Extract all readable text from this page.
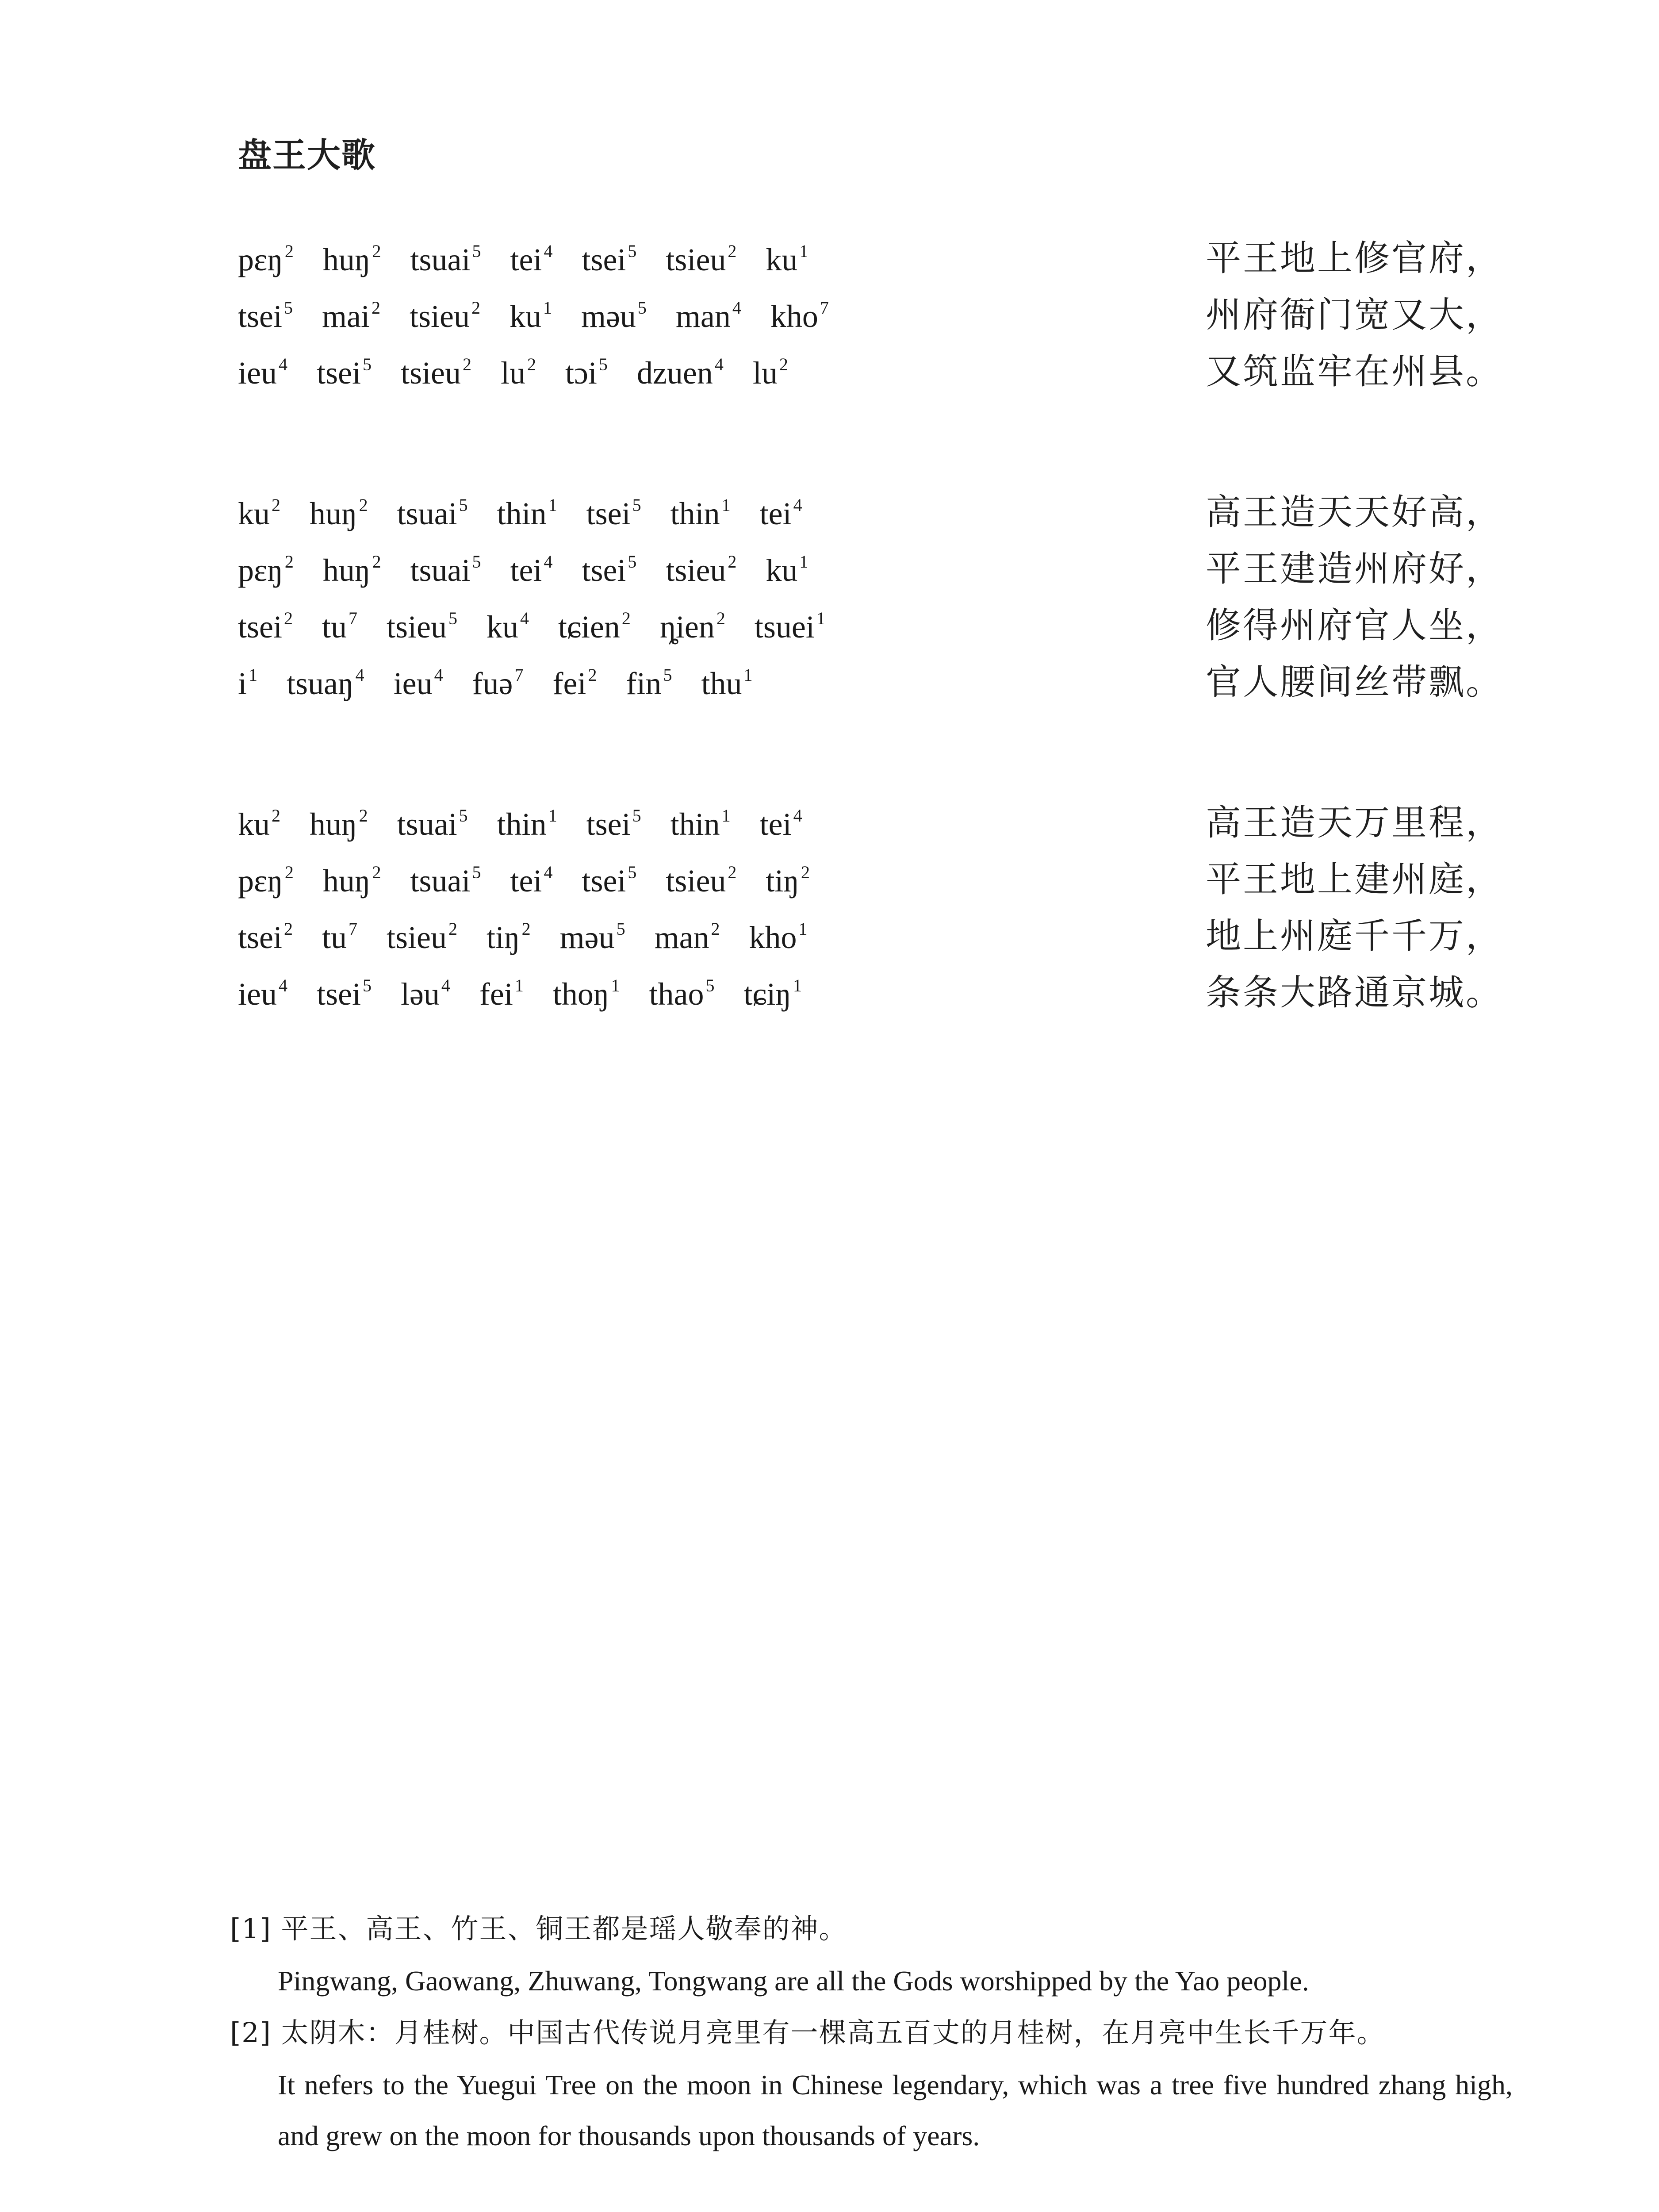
盘王大歌
pɛŋ $^2$ huŋ $^2$ tsuai $^5$ tei $^4$ tsei $^5$ tsieu $^2$ ku $^1$	平王地上修官府，
tsei $^5$ mai $^2$ tsieu $^2$ ku $^1$ məu $^5$ man $^4$ kho $^7$	州府衙门宽又大，
ieu $^4$ tsei $^5$ tsieu $^2$ lu $^2$ tɔi $^5$ dzuen $^4$ lu $^2$	又筑监牢在州县。
ku $^2$ huŋ $^2$ tsuai $^5$ thin $^1$ tsei $^5$ thin $^1$ tei $^4$	高王造天天好高，
pɛŋ $^2$ huŋ $^2$ tsuai $^5$ tei $^4$ tsei $^5$ tsieu $^2$ ku $^1$	平王建造州府好，
tsei $^2$ tu $^7$ tsieu $^5$ ku $^4$ tɕien $^2$ ȵien $^2$ tsuei $^1$	修得州府官人坐，
i $^1$ tsuaŋ $^4$ ieu $^4$ fuə $^7$ fei $^2$ fin $^5$ thu $^1$	官人腰间丝带飘。
ku $^2$ huŋ $^2$ tsuai $^5$ thin $^1$ tsei $^5$ thin $^1$ tei $^4$	高王造天万里程，
pɛŋ $^2$ huŋ $^2$ tsuai $^5$ tei $^4$ tsei $^5$ tsieu $^2$ tiŋ $^2$	平王地上建州庭，
tsei $^2$ tu $^7$ tsieu $^2$ tiŋ $^2$ məu $^5$ man $^2$ kho $^1$	地上州庭千千万，
ieu $^4$ tsei $^5$ ləu $^4$ fei $^1$ thoŋ $^1$ thao $^5$ tɕiŋ $^1$	条条大路通京城。
[1] 平王、高王、竹王、铜王都是瑶人敬奉的神。
Pingwang, Gaowang, Zhuwang, Tongwang are all the Gods worshipped by the Yao people.
[2] 太阴木：月桂树。中国古代传说月亮里有一棵高五百丈的月桂树，在月亮中生长千万年。
It nefers to the Yuegui Tree on the moon in Chinese legendary, which was a tree five hundred zhang high, and grew on the moon for thousands upon thousands of years.
